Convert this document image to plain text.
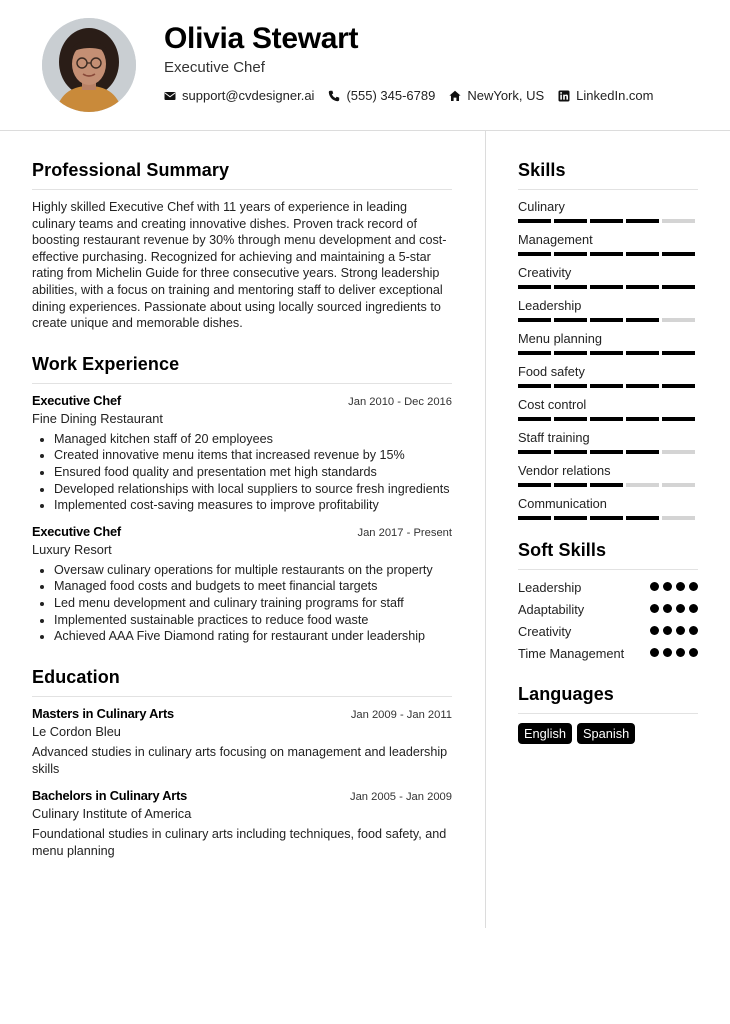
Olivia Stewart
Executive Chef
support@cvdesigner.ai (555) 345-6789 NewYork, US LinkedIn.com
Professional Summary
Highly skilled Executive Chef with 11 years of experience in leading culinary teams and creating innovative dishes. Proven track record of boosting restaurant revenue by 30% through menu development and cost-effective purchasing. Recognized for achieving and maintaining a 5-star rating from Michelin Guide for three consecutive years. Strong leadership abilities, with a focus on training and mentoring staff to deliver exceptional dining experiences. Passionate about using locally sourced ingredients to create unique and memorable dishes.
Work Experience
Executive Chef	Jan 2010 - Dec 2016
Fine Dining Restaurant
• Managed kitchen staff of 20 employees
• Created innovative menu items that increased revenue by 15%
• Ensured food quality and presentation met high standards
• Developed relationships with local suppliers to source fresh ingredients
• Implemented cost-saving measures to improve profitability
Executive Chef	Jan 2017 - Present
Luxury Resort
• Oversaw culinary operations for multiple restaurants on the property
• Managed food costs and budgets to meet financial targets
• Led menu development and culinary training programs for staff
• Implemented sustainable practices to reduce food waste
• Achieved AAA Five Diamond rating for restaurant under leadership
Education
Masters in Culinary Arts	Jan 2009 - Jan 2011
Le Cordon Bleu
Advanced studies in culinary arts focusing on management and leadership skills
Bachelors in Culinary Arts	Jan 2005 - Jan 2009
Culinary Institute of America
Foundational studies in culinary arts including techniques, food safety, and menu planning
Skills
Culinary
Management
Creativity
Leadership
Menu planning
Food safety
Cost control
Staff training
Vendor relations
Communication
Soft Skills
Leadership
Adaptability
Creativity
Time Management
Languages
English	Spanish
